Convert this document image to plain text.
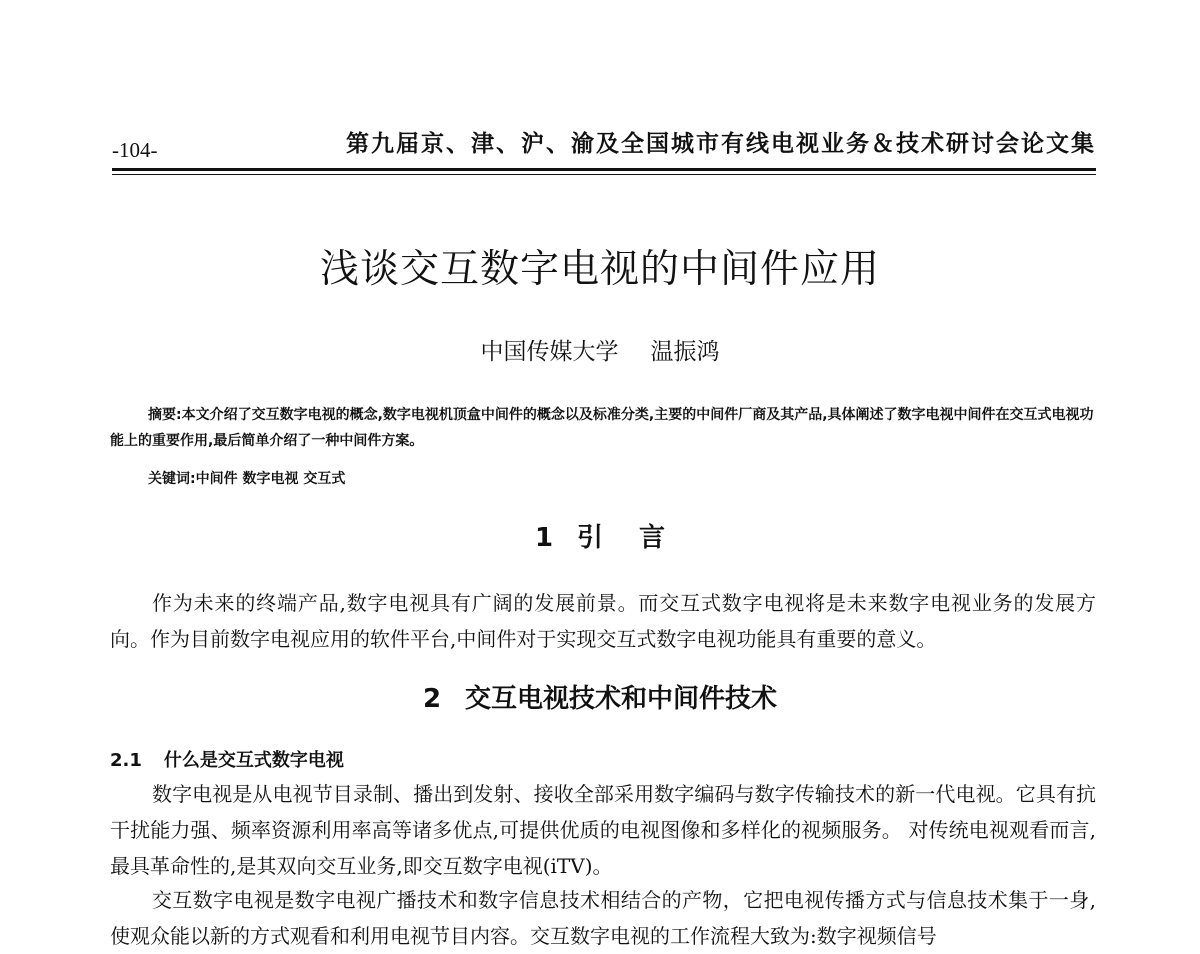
-104-	第九届京、津、沪、渝及全国城市有线电视业务＆技术研讨会论文集
浅谈交互数字电视的中间件应用
中国传媒大学 温振鸿

摘要:本文介绍了交互数字电视的概念,数字电视机顶盒中间件的概念以及标准分类,主要的中间件厂商及其产品,具体阐述了数字电视中间件在交互式电视功能上的重要作用,最后简单介绍了一种中间件方案。

关键词:中间件 数字电视 交互式
1 引言

作为未来的终端产品,数字电视具有广阔的发展前景。而交互式数字电视将是未来数字电视业务的发展方向。作为目前数字电视应用的软件平台,中间件对于实现交互式数字电视功能具有重要的意义。

2 交互电视技术和中间件技术
2.1 什么是交互式数字电视

数字电视是从电视节目录制、播出到发射、接收全部采用数字编码与数字传输技术的新一代电视。它具有抗干扰能力强、频率资源利用率高等诸多优点,可提供优质的电视图像和多样化的视频服务。 对传统电视观看而言,最具革命性的,是其双向交互业务,即交互数字电视(iTV)。

交互数字电视是数字电视广播技术和数字信息技术相结合的产物，它把电视传播方式与信息技术集于一身,使观众能以新的方式观看和利用电视节目内容。交互数字电视的工作流程大致为:数字视频信号
